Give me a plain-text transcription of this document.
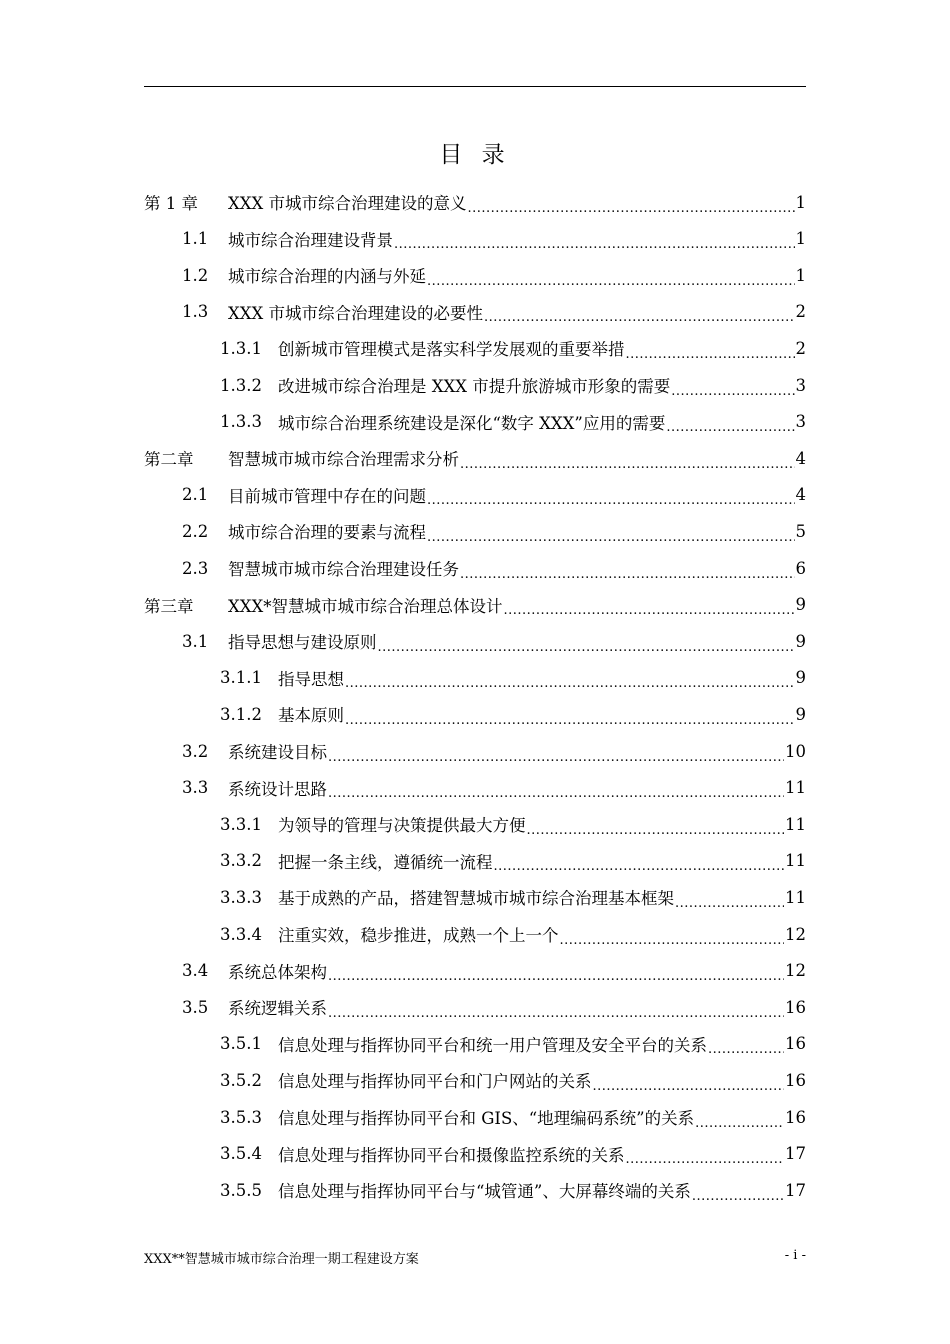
目 录
第 1 章	XXX 市城市综合治理建设的意义 .....	1
1.1	城市综合治理建设背景 .....	1
1.2	城市综合治理的内涵与外延 .....	1
1.3	XXX 市城市综合治理建设的必要性 .....	2
1.3.1 创新城市管理模式是落实科学发展观的重要举措 .....	2
1.3.2 改进城市综合治理是 XXX 市提升旅游城市形象的需要 .....	3
1.3.3 城市综合治理系统建设是深化“数字 XXX”应用的需要 .....	3
第二章	智慧城市城市综合治理需求分析 .....	4
2.1	目前城市管理中存在的问题 .....	4
2.2	城市综合治理的要素与流程 .....	5
2.3	智慧城市城市综合治理建设任务 .....	6
第三章	XXX*智慧城市城市综合治理总体设计 .....	9
3.1	指导思想与建设原则 .....	9
3.1.1 指导思想 .....	9
3.1.2 基本原则 .....	9
3.2	系统建设目标 .....	10
3.3	系统设计思路 .....	11
3.3.1 为领导的管理与决策提供最大方便 .....	11
3.3.2 把握一条主线，遵循统一流程 .....	11
3.3.3 基于成熟的产品，搭建智慧城市城市综合治理基本框架 .....	11
3.3.4 注重实效，稳步推进，成熟一个上一个 .....	12
3.4	系统总体架构 .....	12
3.5	系统逻辑关系 .....	16
3.5.1 信息处理与指挥协同平台和统一用户管理及安全平台的关系 .....	16
3.5.2 信息处理与指挥协同平台和门户网站的关系 .....	16
3.5.3 信息处理与指挥协同平台和 GIS、“地理编码系统”的关系 .....	16
3.5.4 信息处理与指挥协同平台和摄像监控系统的关系 .....	17
3.5.5 信息处理与指挥协同平台与“城管通”、大屏幕终端的关系 .....	17
XXX**智慧城市城市综合治理一期工程建设方案	- i -
